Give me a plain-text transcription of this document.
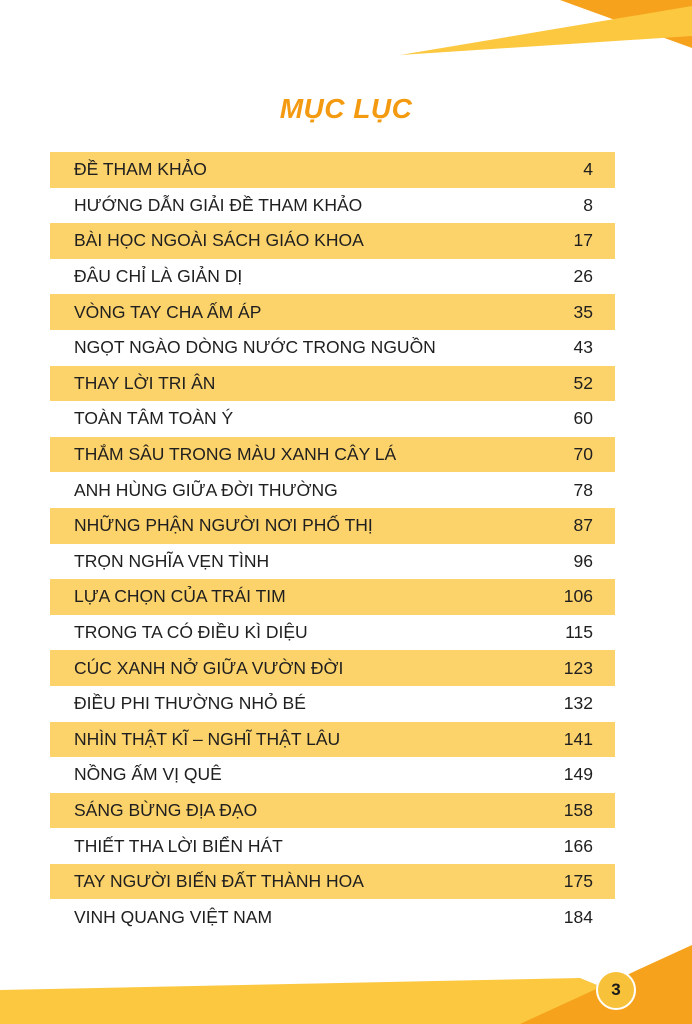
MỤC LỤC
ĐỀ THAM KHẢO	4
HƯỚNG DẪN GIẢI ĐỀ THAM KHẢO	8
BÀI HỌC NGOÀI SÁCH GIÁO KHOA	17
ĐÂU CHỈ LÀ GIẢN DỊ	26
VÒNG TAY CHA ẤM ÁP	35
NGỌT NGÀO DÒNG NƯỚC TRONG NGUỒN	43
THAY LỜI TRI ÂN	52
TOÀN TÂM TOÀN Ý	60
THẮM SÂU TRONG MÀU XANH CÂY LÁ	70
ANH HÙNG GIỮA ĐỜI THƯỜNG	78
NHỮNG PHẬN NGƯỜI NƠI PHỐ THỊ	87
TRỌN NGHĨA VẸN TÌNH	96
LỰA CHỌN CỦA TRÁI TIM	106
TRONG TA CÓ ĐIỀU KÌ DIỆU	115
CÚC XANH NỞ GIỮA VƯỜN ĐỜI	123
ĐIỀU PHI THƯỜNG NHỎ BÉ	132
NHÌN THẬT KĨ – NGHĨ THẬT LÂU	141
NỒNG ẤM VỊ QUÊ	149
SÁNG BỪNG ĐỊA ĐẠO	158
THIẾT THA LỜI BIỂN HÁT	166
TAY NGƯỜI BIẾN ĐẤT THÀNH HOA	175
VINH QUANG VIỆT NAM	184
3
